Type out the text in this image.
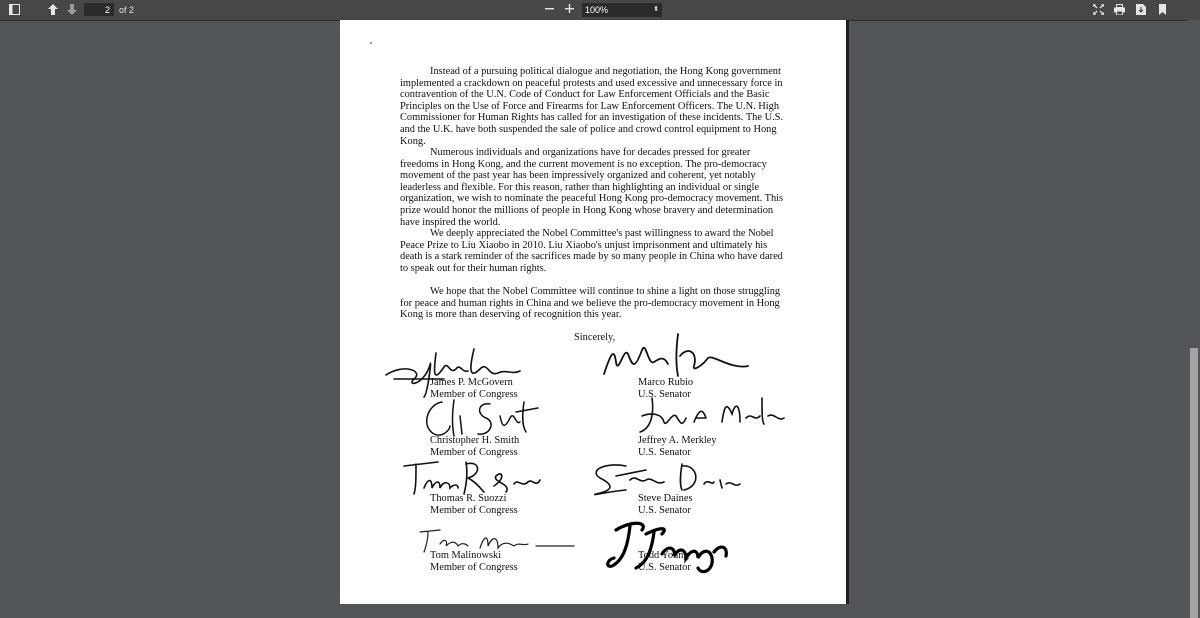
2
of 2	100%	⬍

Instead of a pursuing political dialogue and negotiation, the Hong Kong government implemented a crackdown on peaceful protests and used excessive and unnecessary force in contravention of the U.N. Code of Conduct for Law Enforcement Officials and the Basic Principles on the Use of Force and Firearms for Law Enforcement Officers. The U.N. High Commissioner for Human Rights has called for an investigation of these incidents. The U.S. and the U.K. have both suspended the sale of police and crowd control equipment to Hong Kong.

Numerous individuals and organizations have for decades pressed for greater freedoms in Hong Kong, and the current movement is no exception. The pro-democracy movement of the past year has been impressively organized and coherent, yet notably leaderless and flexible. For this reason, rather than highlighting an individual or single organization, we wish to nominate the peaceful Hong Kong pro-democracy movement. This prize would honor the millions of people in Hong Kong whose bravery and determination have inspired the world.

We deeply appreciated the Nobel Committee's past willingness to award the Nobel Peace Prize to Liu Xiaobo in 2010. Liu Xiaobo's unjust imprisonment and ultimately his death is a stark reminder of the sacrifices made by so many people in China who have dared to speak out for their human rights.

We hope that the Nobel Committee will continue to shine a light on those struggling for peace and human rights in China and we believe the pro-democracy movement in Hong Kong is more than deserving of recognition this year.

Sincerely,
James P. McGovern
Member of Congress
Marco Rubio
U.S. Senator
Christopher H. Smith
Member of Congress
Jeffrey A. Merkley
U.S. Senator
Thomas R. Suozzi
Member of Congress
Steve Daines
U.S. Senator
Tom Malinowski
Member of Congress
Todd Young
U.S. Senator
